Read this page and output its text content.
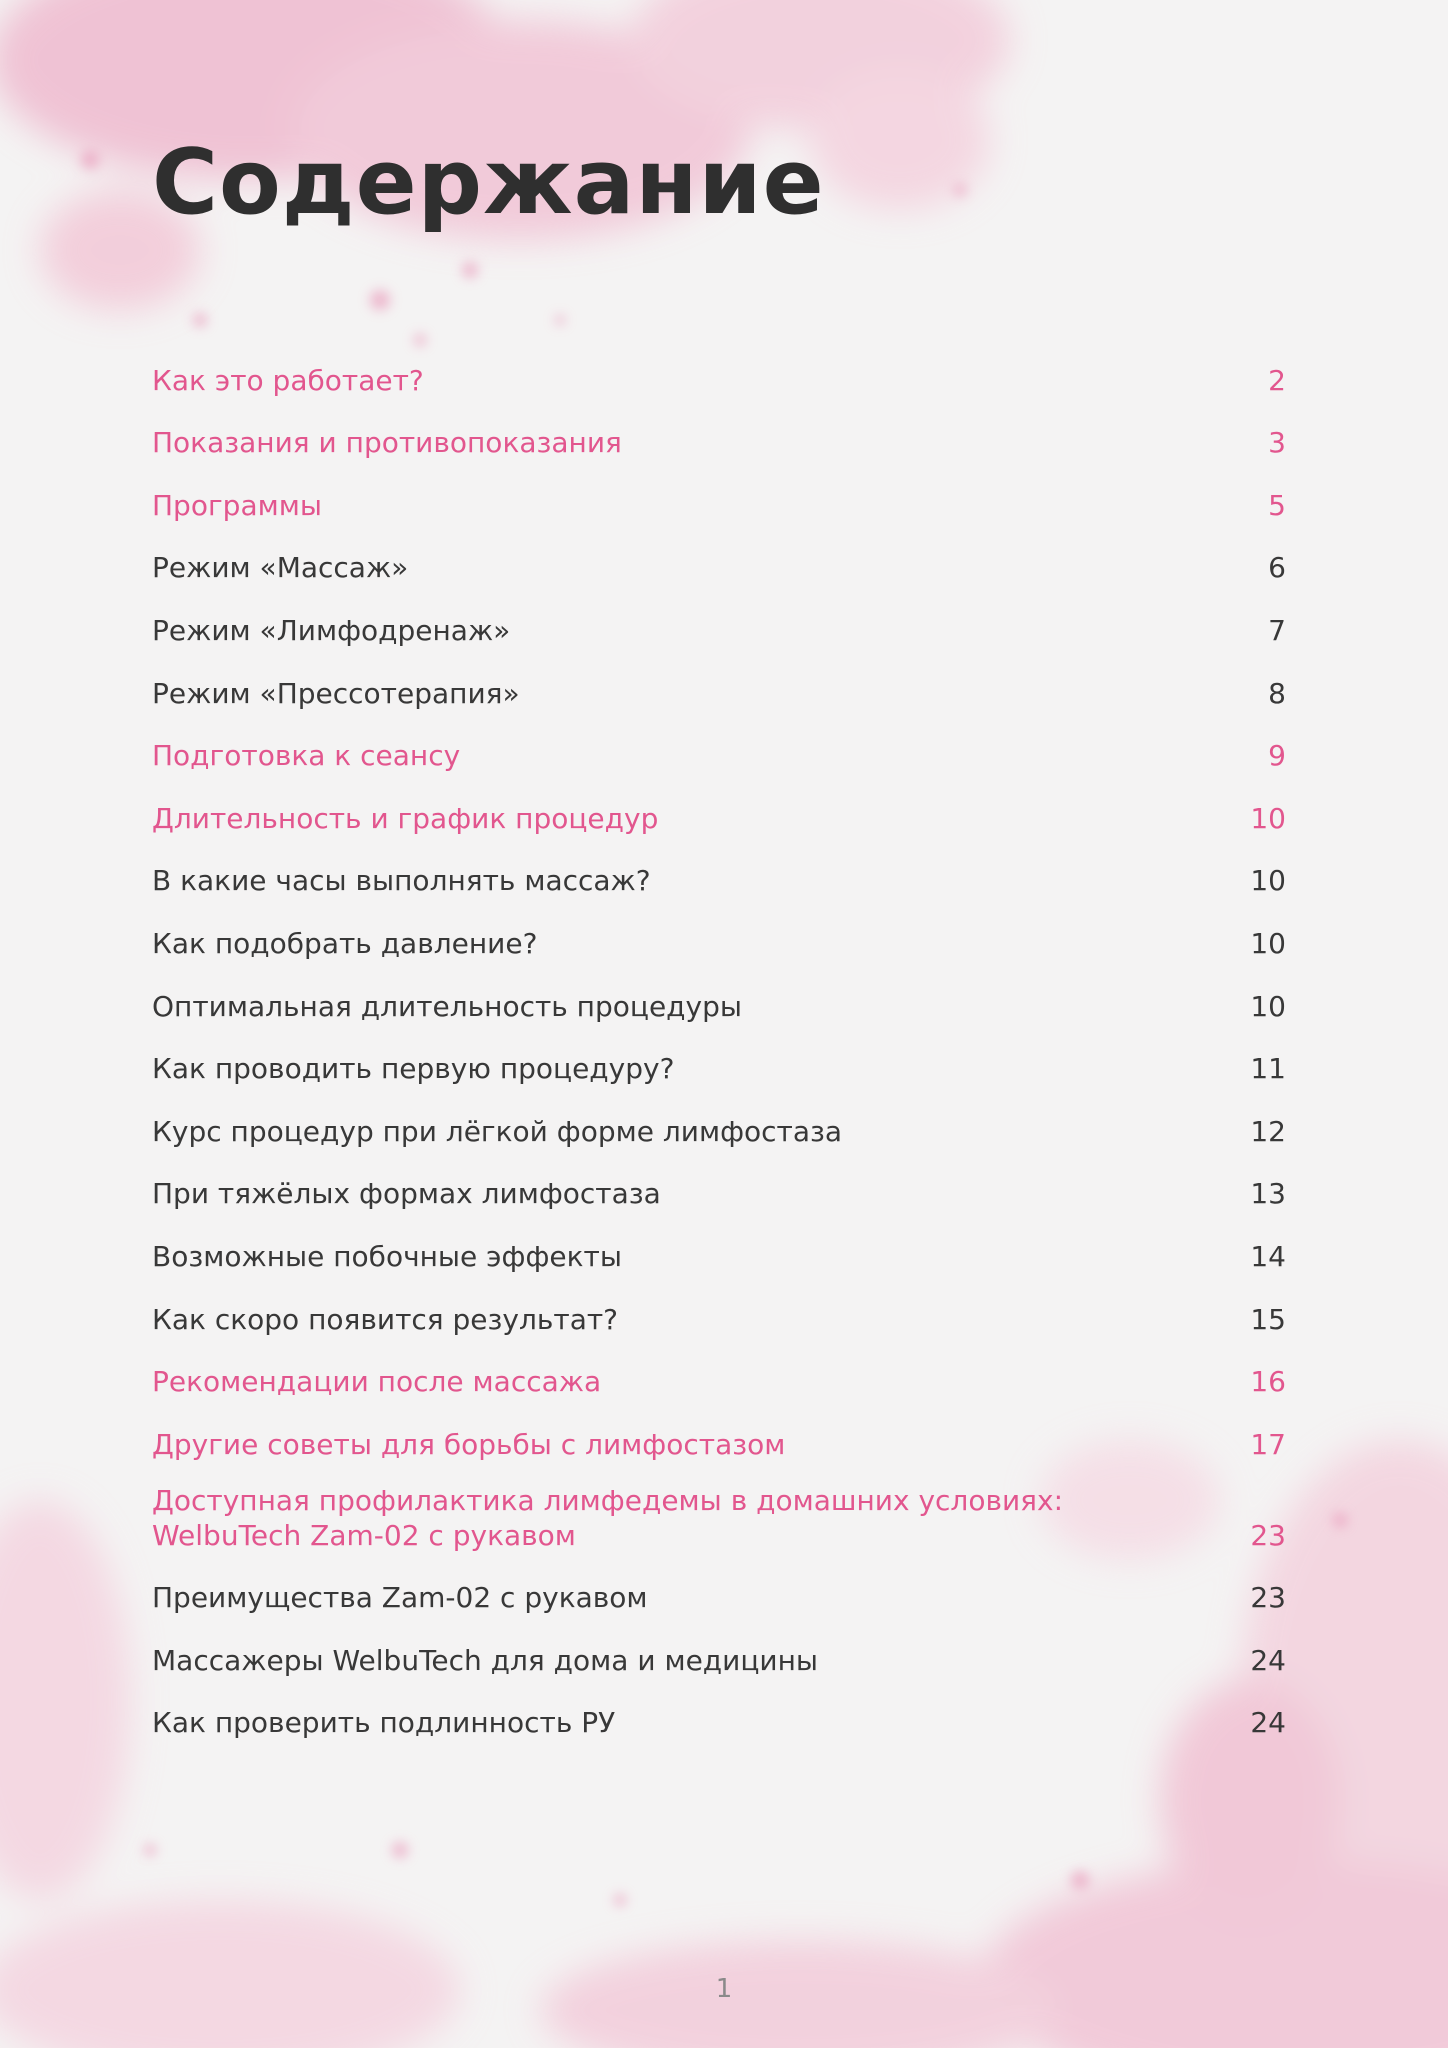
Содержание
Как это работает?	2
Показания и противопоказания	3
Программы	5
Режим «Массаж»	6
Режим «Лимфодренаж»	7
Режим «Прессотерапия»	8
Подготовка к сеансу	9
Длительность и график процедур	10
В какие часы выполнять массаж?	10
Как подобрать давление?	10
Оптимальная длительность процедуры	10
Как проводить первую процедуру?	11
Курс процедур при лёгкой форме лимфостаза	12
При тяжёлых формах лимфостаза	13
Возможные побочные эффекты	14
Как скоро появится результат?	15
Рекомендации после массажа	16
Другие советы для борьбы с лимфостазом	17
Доступная профилактика лимфедемы в домашних условиях:
WelbuTech Zam-02 с рукавом	23
Преимущества Zam-02 с рукавом	23
Массажеры WelbuTech для дома и медицины	24
Как проверить подлинность РУ	24
1
